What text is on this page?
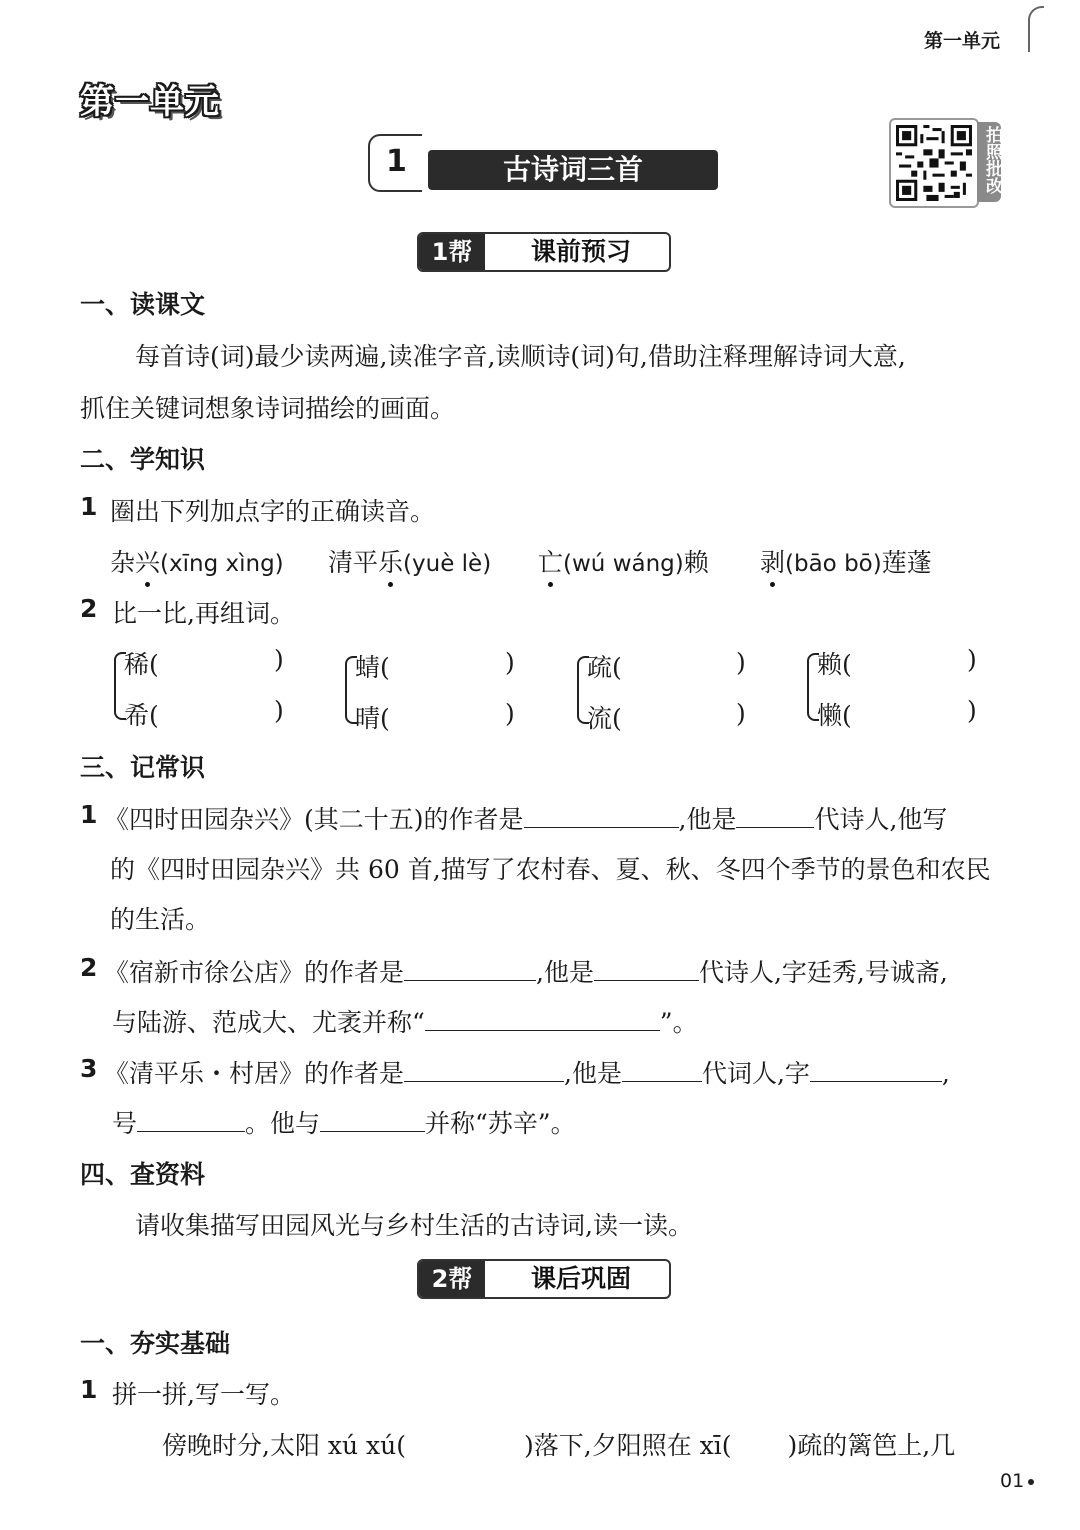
第一单元
第一单元
1	古诗词三首	拍照批改
1帮	课前预习
一、读课文
每首诗(词)最少读两遍,读准字音,读顺诗(词)句,借助注释理解诗词大意,
抓住关键词想象诗词描绘的画面。
二、学知识
1 圈出下列加点字的正确读音。
杂兴(xīng xìng) 清平乐(yuè lè) 亡(wú wáng)赖 剥(bāo bō)莲蓬
2 比一比,再组词。
稀(	)
希(	)
蜻(	)
晴(	)
疏(	)
流(	)
赖(	)
懒(	)
三、记常识
1 《四时田园杂兴》(其二十五)的作者是	,他是	代诗人,他写
的《四时田园杂兴》共 60 首,描写了农村春、夏、秋、冬四个季节的景色和农民
的生活。
2 《宿新市徐公店》的作者是	,他是	代诗人,字廷秀,号诚斋,
与陆游、范成大、尤袤并称“	”。
3 《清平乐・村居》的作者是	,他是	代词人,字	,
号	。他与	并称“苏辛”。
四、查资料
请收集描写田园风光与乡村生活的古诗词,读一读。
2帮	课后巩固
一、夯实基础
1 拼一拼,写一写。
傍晚时分,太阳 xú xú(	)落下,夕阳照在 xī( )疏的篱笆上,几
01
